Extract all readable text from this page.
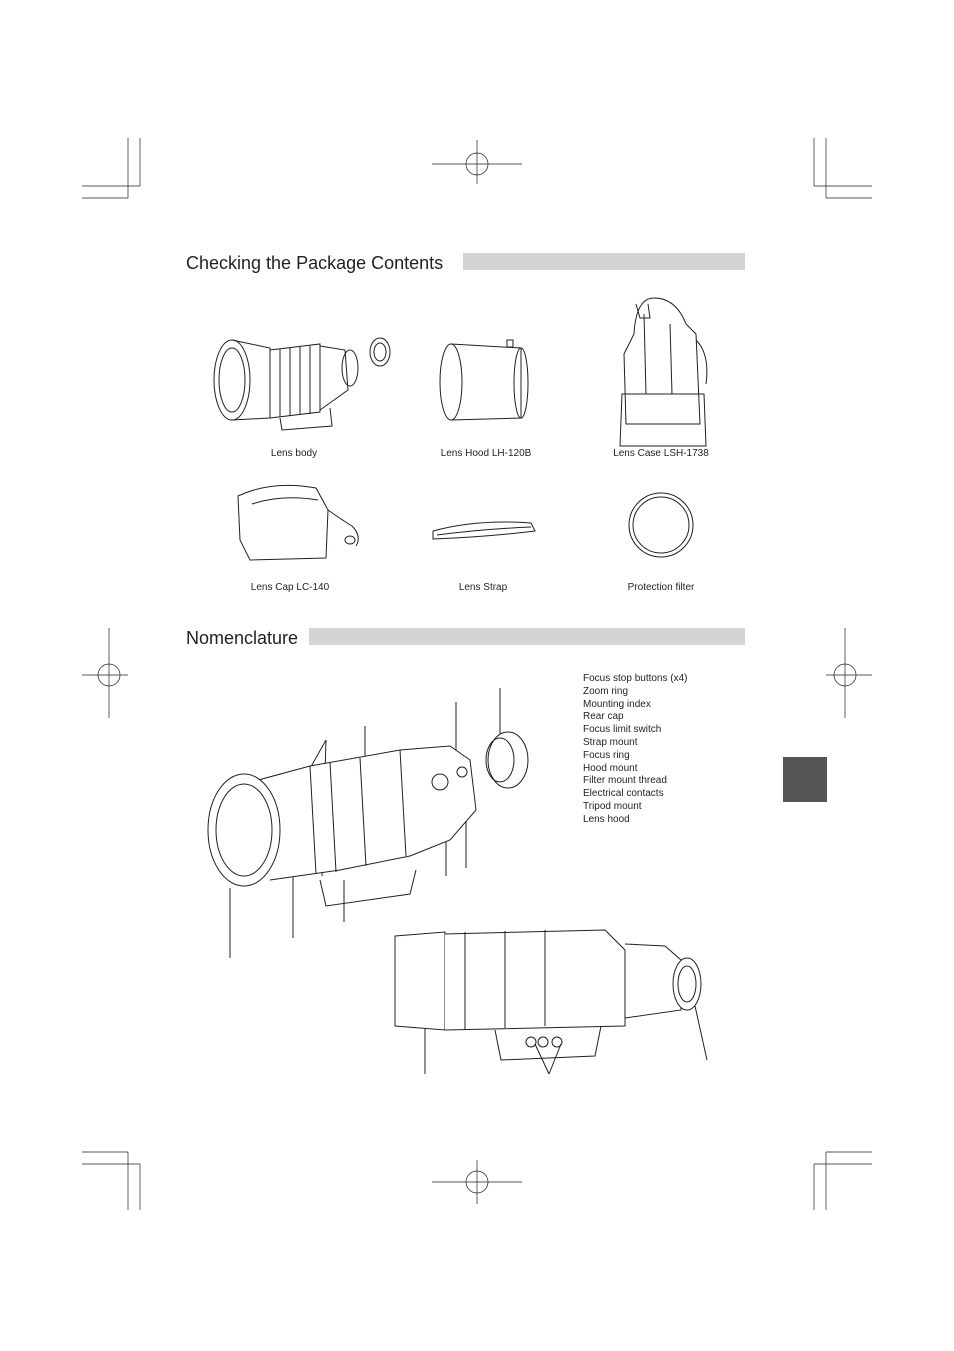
Checking the Package Contents
Lens body	Lens Hood LH-120B	Lens Case LSH-1738
Lens Cap LC-140	Lens Strap	Protection filter
Nomenclature
Focus stop buttons (x4)
Zoom ring
Mounting index
Rear cap
Focus limit switch
Strap mount
Focus ring
Hood mount
Filter mount thread
Electrical contacts
Tripod mount
Lens hood
